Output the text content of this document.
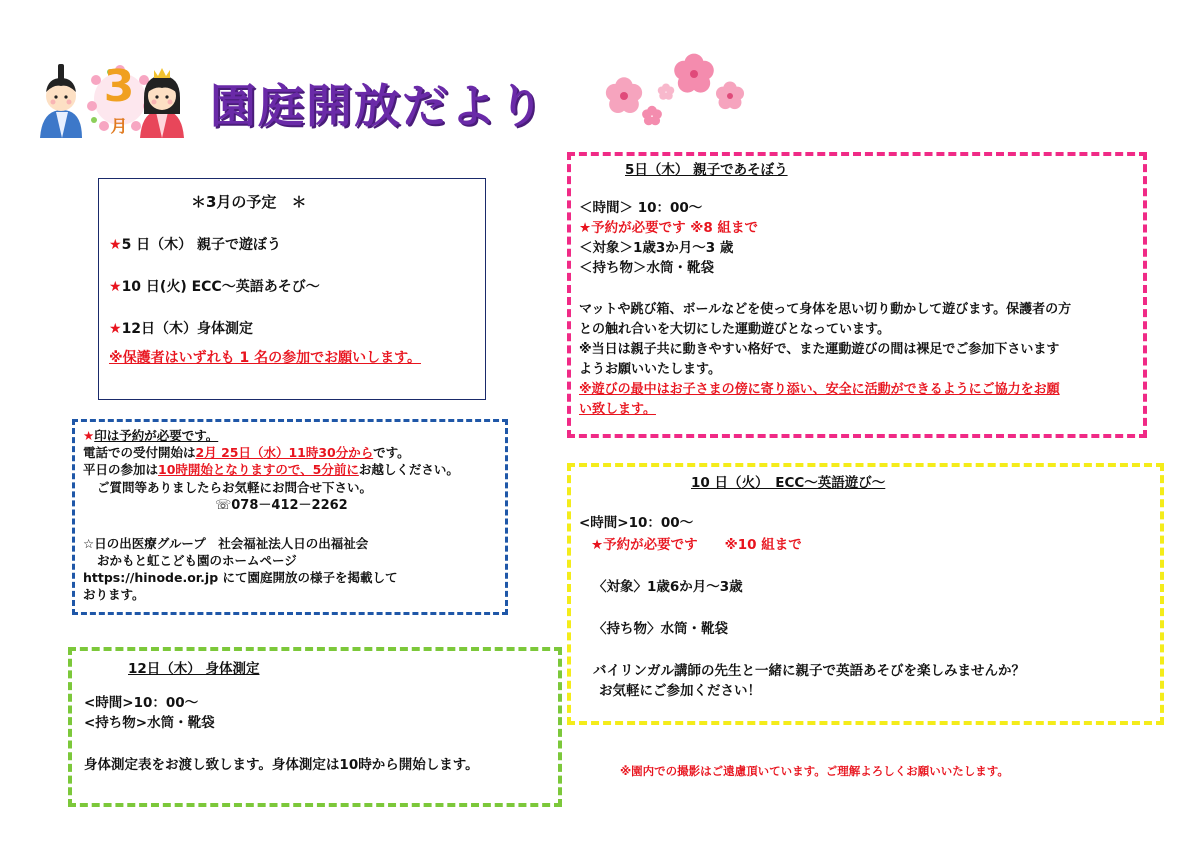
3
月 園庭開放だより
＊3月の予定　＊
★5 日（木） 親子で遊ぼう
★10 日(火) ECC～英語あそび～
★12日（木）身体測定
※保護者はいずれも 1 名の参加でお願いします。
★印は予約が必要です。
電話での受付開始は2月 25日（水）11時30分からです。
平日の参加は10時開始となりますので、5分前にお越しください。
ご質問等ありましたらお気軽にお問合せ下さい。
☏078－412－2262
☆日の出医療グループ　社会福祉法人日の出福祉会
おかもと虹こども園のホームページ
https://hinode.or.jp にて園庭開放の様子を掲載して
おります。
12日（木） 身体測定
<時間>10：00～
<持ち物>水筒・靴袋
身体測定表をお渡し致します。身体測定は10時から開始します。
5日（木） 親子であそぼう
＜時間＞ 10：00～
★予約が必要です ※8 組まで
＜対象＞1歳3か月～3 歳
＜持ち物＞水筒・靴袋
マットや跳び箱、ボールなどを使って身体を思い切り動かして遊びます。保護者の方
との触れ合いを大切にした運動遊びとなっています。
※当日は親子共に動きやすい格好で、また運動遊びの間は裸足でご参加下さいます
ようお願いいたします。
※遊びの最中はお子さまの傍に寄り添い、安全に活動ができるようにご協力をお願
い致します。
10 日（火）　ECC～英語遊び～
<時間>10：00～
★予約が必要です　　※10 組まで
〈対象〉1歳6か月～3歳
〈持ち物〉水筒・靴袋
バイリンガル講師の先生と一緒に親子で英語あそびを楽しみませんか？
お気軽にご参加ください！
※園内での撮影はご遠慮頂いています。ご理解よろしくお願いいたします。
